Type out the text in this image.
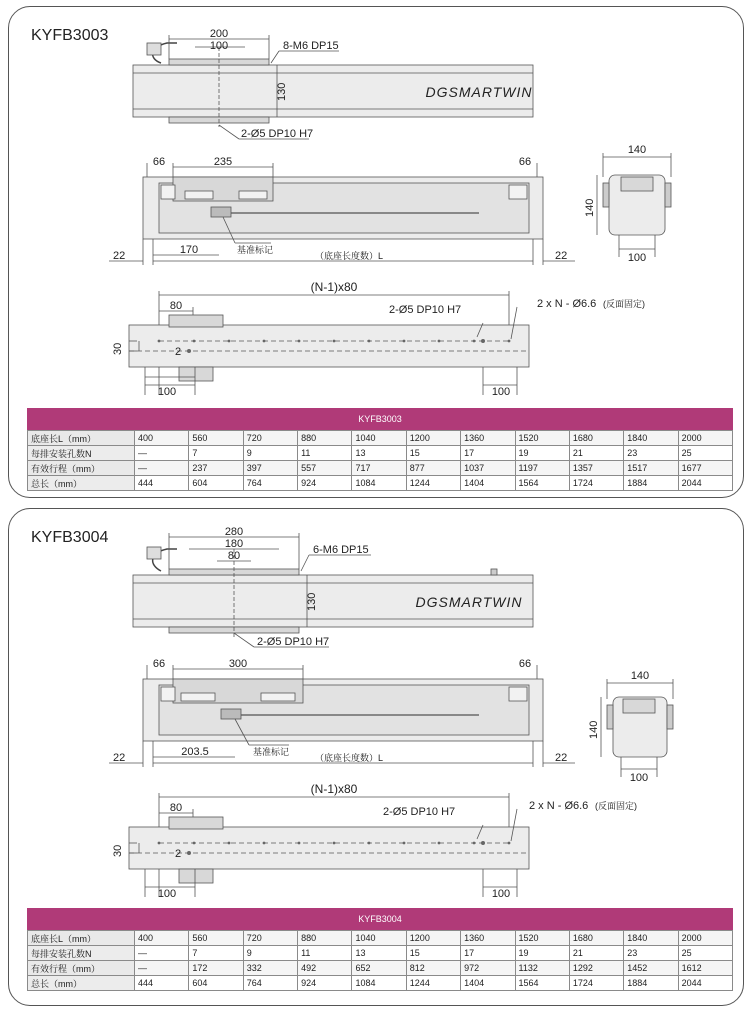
KYFB3003	200
100	8-M6 DP15
130
2-Ø5 DP10 H7
DGSMARTWIN
66	235	66
22	170	基准标记
（底座长度数）L	22
140
140
100
(N-1)x80
80	2-Ø5 DP10 H7	2 x N - Ø6.6 (反面固定)
30	2
100	100
KYFB3003
底座长L（mm）	400	560	720	880	1040	1200	1360	1520	1680	1840	2000
每排安装孔数N	—	7	9	11	13	15	17	19	21	23	25
有效行程（mm）	—	237	397	557	717	877	1037	1197	1357	1517	1677
总长（mm）	444	604	764	924	1084	1244	1404	1564	1724	1884	2044
KYFB3004	280
180
80	6-M6 DP15
130
2-Ø5 DP10 H7
DGSMARTWIN
66	300	66
22	203.5	基准标记
（底座长度数）L	22
140
140
100
(N-1)x80
80	2-Ø5 DP10 H7	2 x N - Ø6.6 (反面固定)
30	2
100	100
KYFB3004
底座长L（mm）	400	560	720	880	1040	1200	1360	1520	1680	1840	2000
每排安装孔数N	—	7	9	11	13	15	17	19	21	23	25
有效行程（mm）	—	172	332	492	652	812	972	1132	1292	1452	1612
总长（mm）	444	604	764	924	1084	1244	1404	1564	1724	1884	2044
